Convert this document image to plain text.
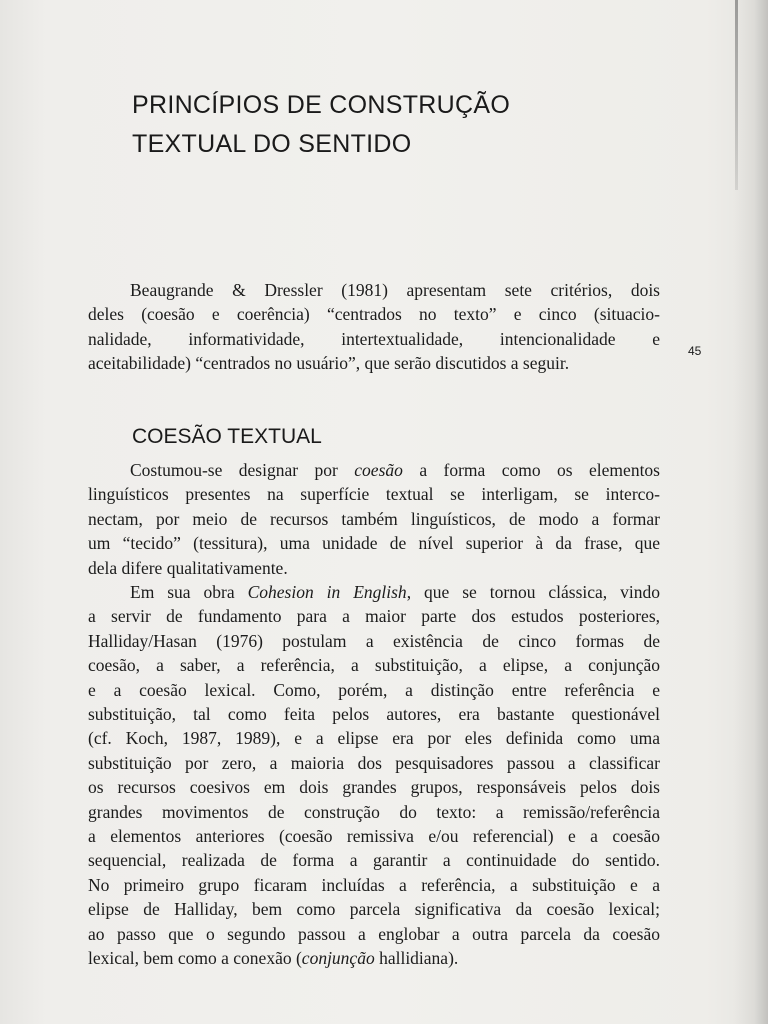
PRINCÍPIOS DE CONSTRUÇÃO
TEXTUAL DO SENTIDO

Beaugrande & Dressler (1981) apresentam sete critérios, dois
deles (coesão e coerência) “centrados no texto” e cinco (situacio-
nalidade, informatividade, intertextualidade, intencionalidade e
aceitabilidade) “centrados no usuário”, que serão discutidos a seguir.

45
COESÃO TEXTUAL

Costumou-se designar por coesão a forma como os elementos
linguísticos presentes na superfície textual se interligam, se interco-
nectam, por meio de recursos também linguísticos, de modo a formar
um “tecido” (tessitura), uma unidade de nível superior à da frase, que
dela difere qualitativamente.

Em sua obra Cohesion in English, que se tornou clássica, vindo
a servir de fundamento para a maior parte dos estudos posteriores,
Halliday/Hasan (1976) postulam a existência de cinco formas de
coesão, a saber, a referência, a substituição, a elipse, a conjunção
e a coesão lexical. Como, porém, a distinção entre referência e
substituição, tal como feita pelos autores, era bastante questionável
(cf. Koch, 1987, 1989), e a elipse era por eles definida como uma
substituição por zero, a maioria dos pesquisadores passou a classificar
os recursos coesivos em dois grandes grupos, responsáveis pelos dois
grandes movimentos de construção do texto: a remissão/referência
a elementos anteriores (coesão remissiva e/ou referencial) e a coesão
sequencial, realizada de forma a garantir a continuidade do sentido.
No primeiro grupo ficaram incluídas a referência, a substituição e a
elipse de Halliday, bem como parcela significativa da coesão lexical;
ao passo que o segundo passou a englobar a outra parcela da coesão
lexical, bem como a conexão (conjunção hallidiana).
